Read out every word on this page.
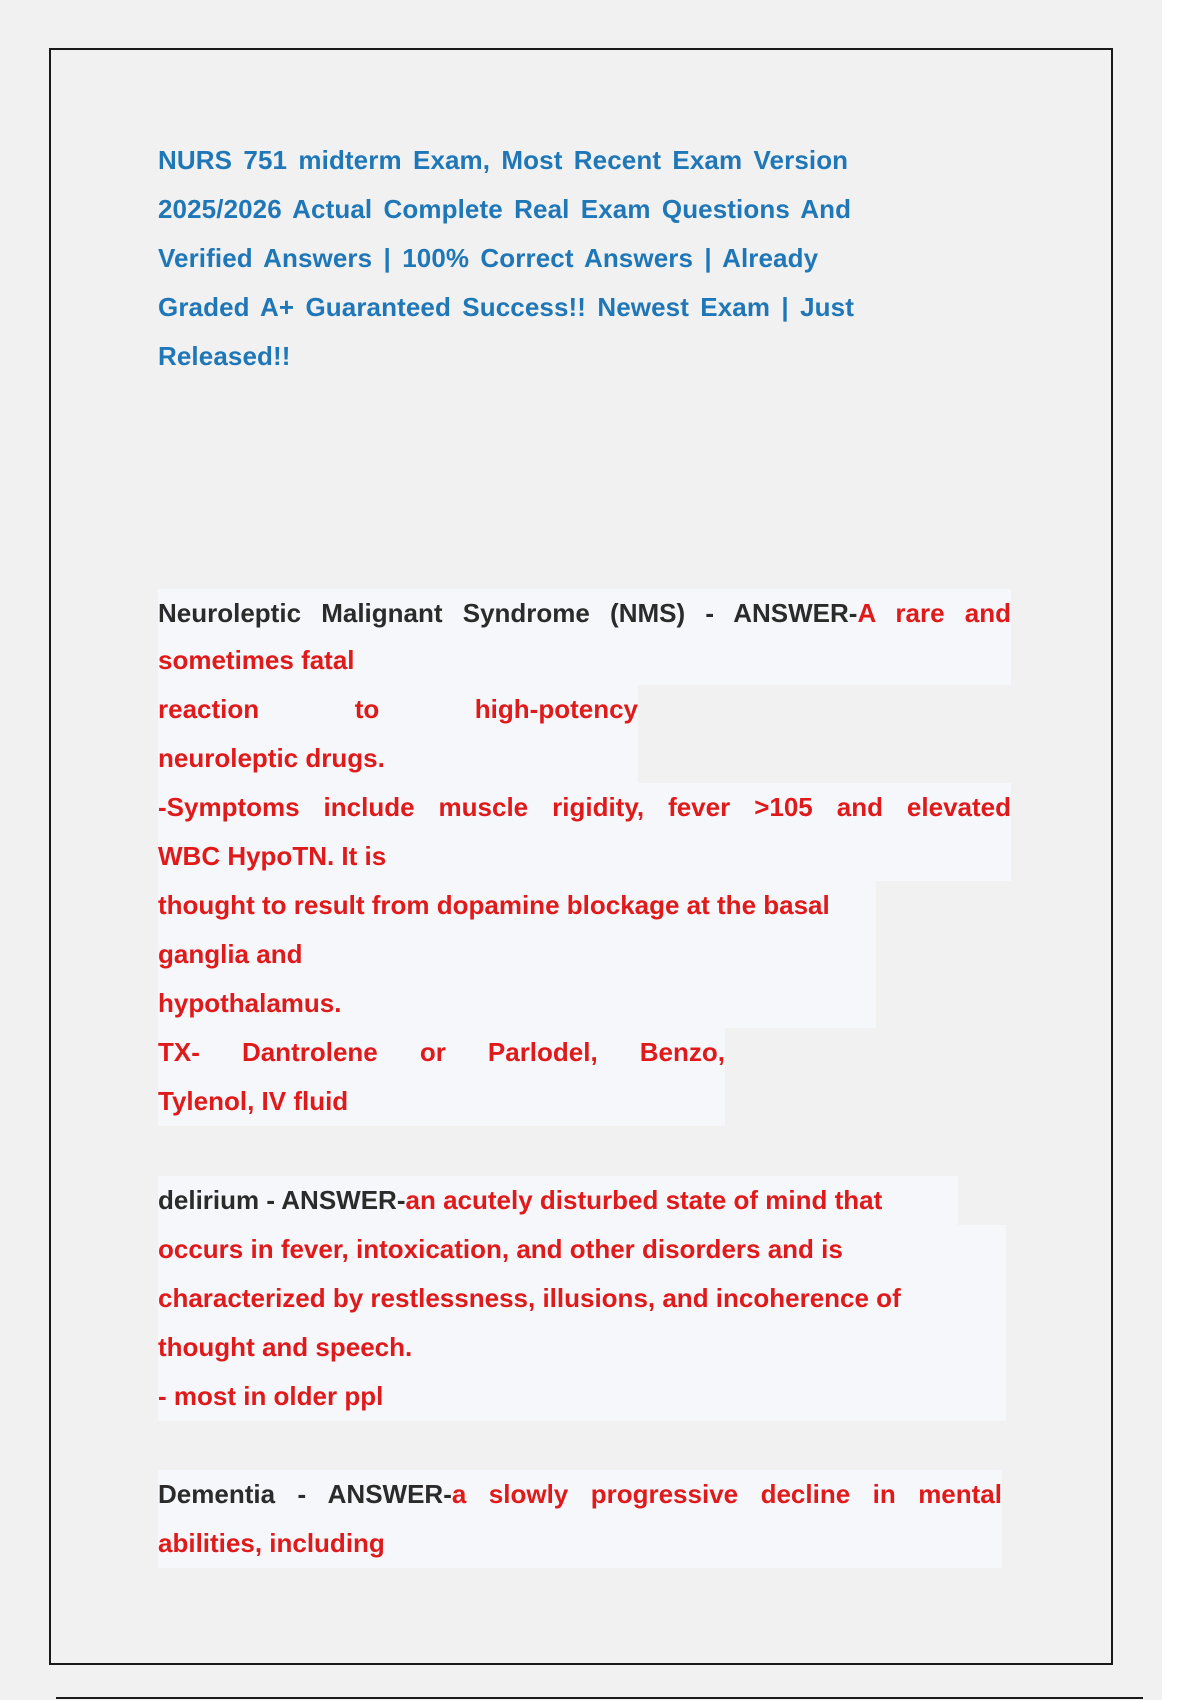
NURS 751 midterm Exam, Most Recent Exam Version 2025/2026 Actual Complete Real Exam Questions And Verified Answers | 100% Correct Answers | Already Graded A+ Guaranteed Success!! Newest Exam | Just Released!!

Neuroleptic Malignant Syndrome (NMS) - ANSWER-A rare and
sometimes fatal
reaction to high-potency
neuroleptic drugs.
-Symptoms include muscle rigidity, fever >105 and elevated
WBC HypoTN. It is
thought to result from dopamine blockage at the basal
ganglia and
hypothalamus.
TX- Dantrolene or Parlodel, Benzo,
Tylenol, IV fluid
delirium - ANSWER-an acutely disturbed state of mind that
occurs in fever, intoxication, and other disorders and is
characterized by restlessness, illusions, and incoherence of
thought and speech.
- most in older ppl
Dementia - ANSWER-a slowly progressive decline in mental
abilities, including
